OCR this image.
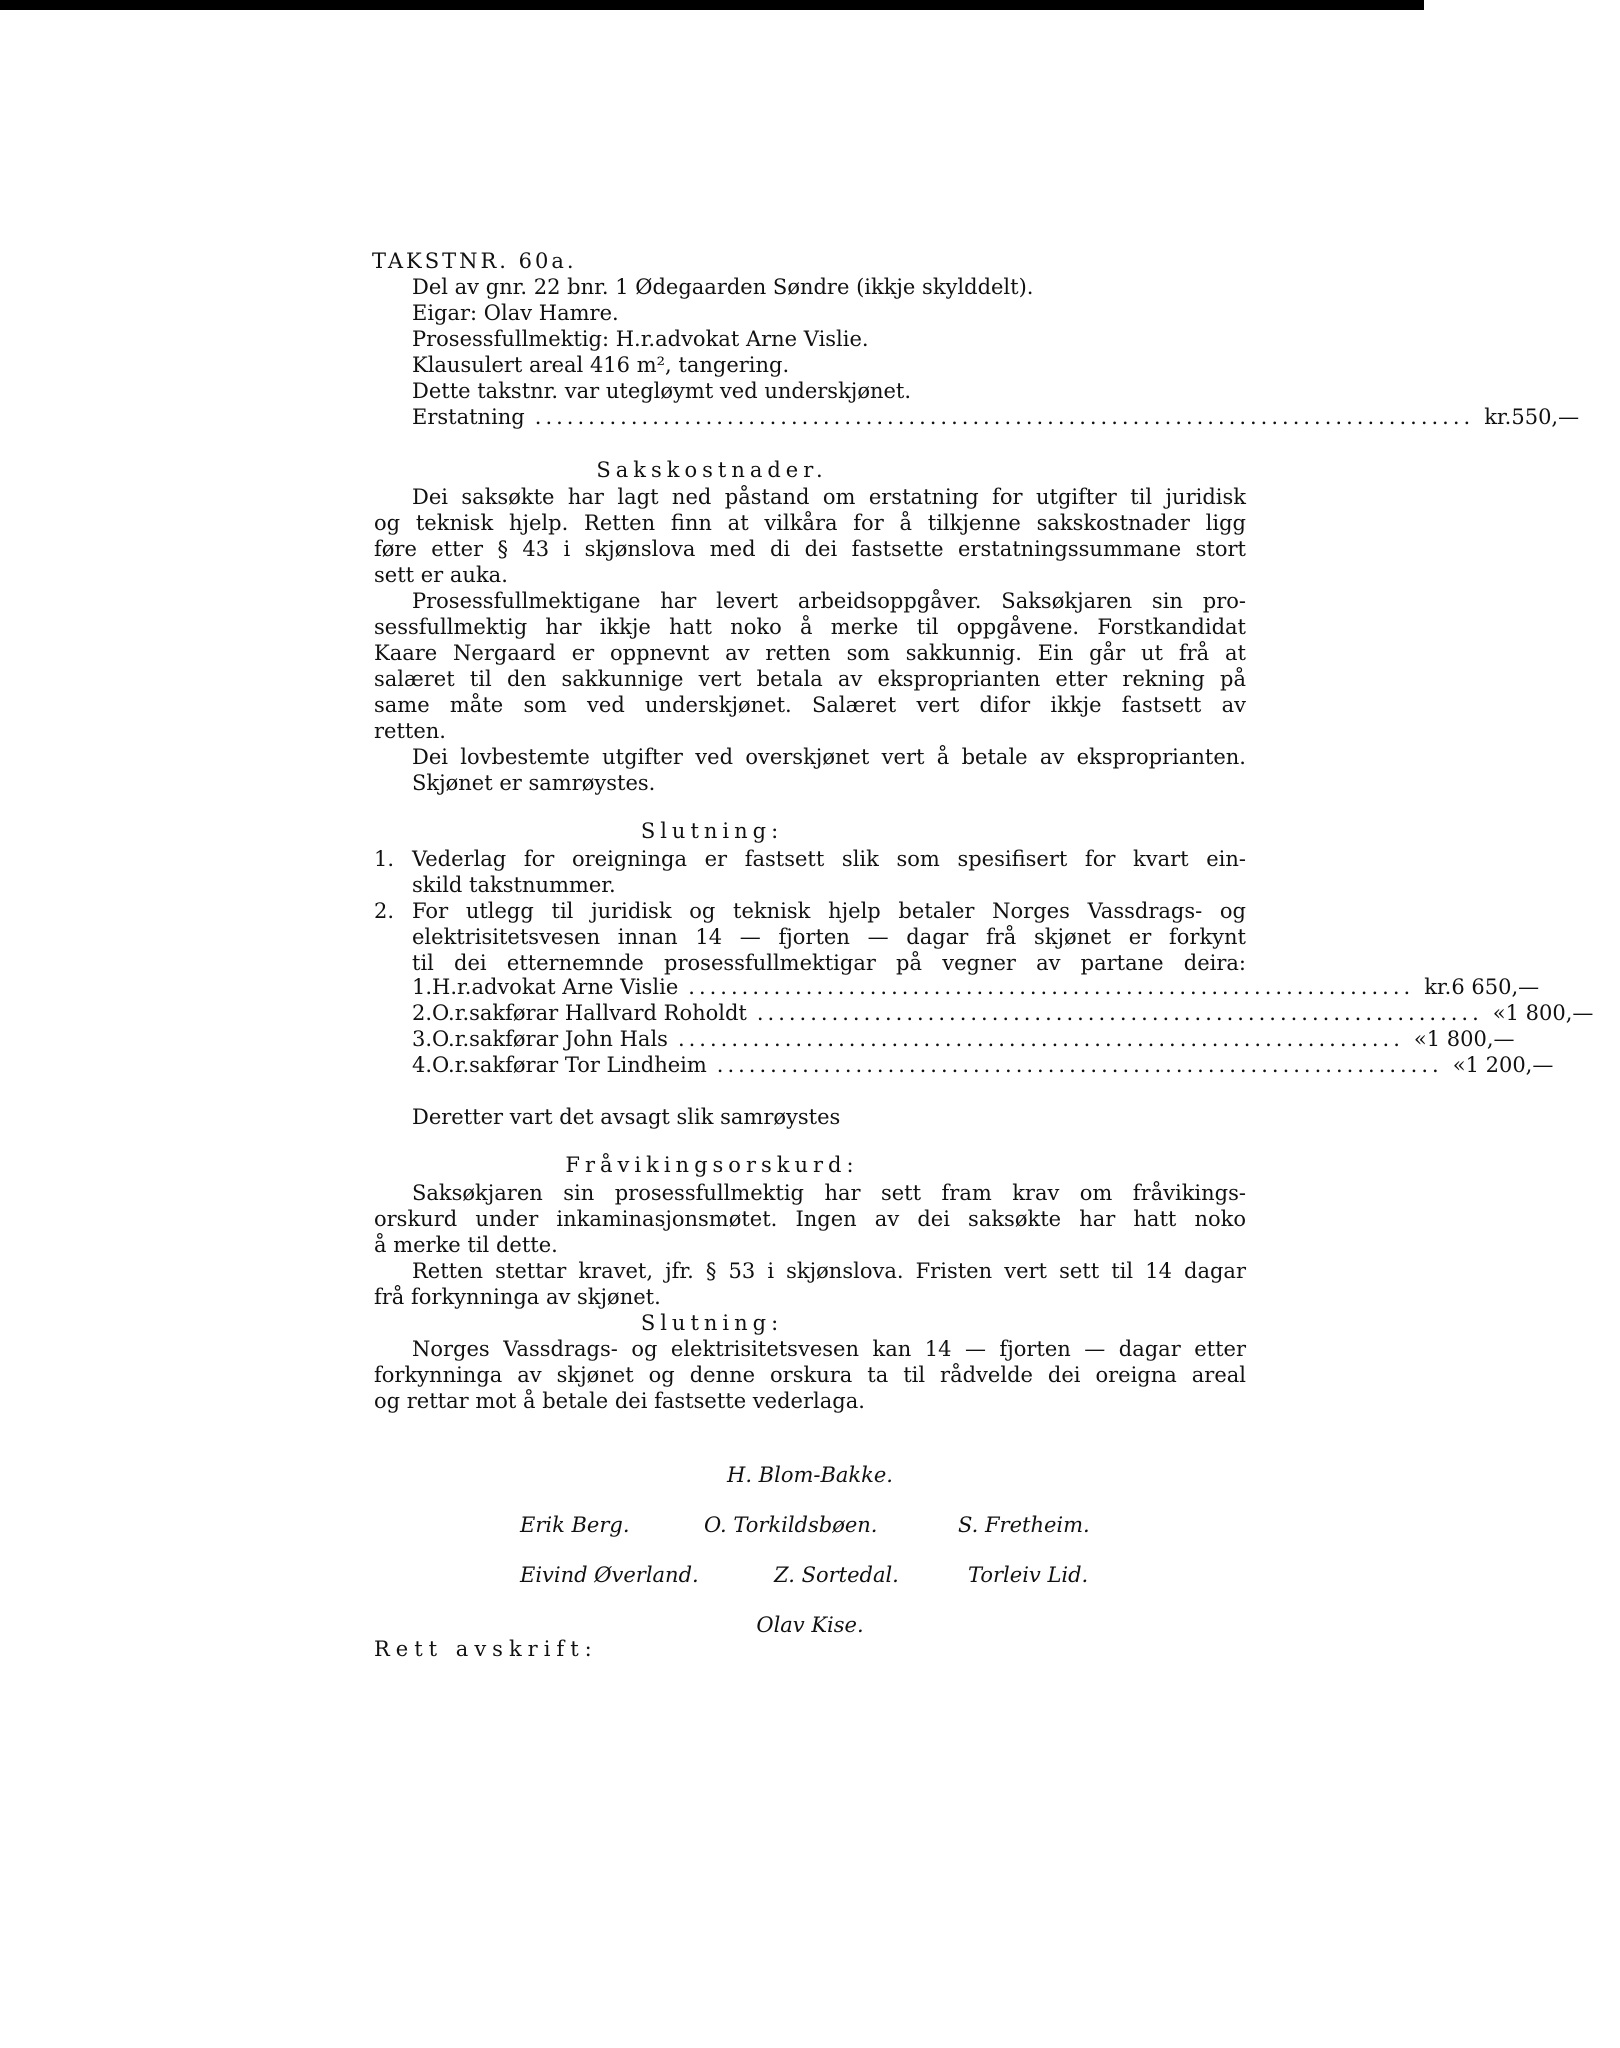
TAKSTNR. 60a.
Del av gnr. 22 bnr. 1 Ødegaarden Søndre (ikkje skylddelt).
Eigar: Olav Hamre.
Prosessfullmektig: H.r.advokat Arne Vislie.
Klausulert areal 416 m², tangering.
Dette takstnr. var utegløymt ved underskjønet.
Erstatning ........................................................................................ kr. 550,—
Sakskostnader.
Dei saksøkte har lagt ned påstand om erstatning for utgifter til juridisk
og teknisk hjelp. Retten finn at vilkåra for å tilkjenne sakskostnader ligg
føre etter § 43 i skjønslova med di dei fastsette erstatningssummane stort
sett er auka.
Prosessfullmektigane har levert arbeidsoppgåver. Saksøkjaren sin pro-
sessfullmektig har ikkje hatt noko å merke til oppgåvene. Forstkandidat
Kaare Nergaard er oppnevnt av retten som sakkunnig. Ein går ut frå at
salæret til den sakkunnige vert betala av eksproprianten etter rekning på
same måte som ved underskjønet. Salæret vert difor ikkje fastsett av
retten.
Dei lovbestemte utgifter ved overskjønet vert å betale av eksproprianten.
Skjønet er samrøystes.
Slutning:
1. Vederlag for oreigninga er fastsett slik som spesifisert for kvart ein-
skild takstnummer.
2. For utlegg til juridisk og teknisk hjelp betaler Norges Vassdrags- og
elektrisitetsvesen innan 14 — fjorten — dagar frå skjønet er forkynt
til dei etternemnde prosessfullmektigar på vegner av partane deira:
1. H.r.advokat Arne Vislie .................................................................... kr. 6 650,—
2. O.r.sakførar Hallvard Roholdt .................................................................... « 1 800,—
3. O.r.sakførar John Hals .................................................................... « 1 800,—
4. O.r.sakførar Tor Lindheim .................................................................... « 1 200,—
Deretter vart det avsagt slik samrøystes
Fråvikingsorskurd:
Saksøkjaren sin prosessfullmektig har sett fram krav om fråvikings-
orskurd under inkaminasjonsmøtet. Ingen av dei saksøkte har hatt noko
å merke til dette.
Retten stettar kravet, jfr. § 53 i skjønslova. Fristen vert sett til 14 dagar
frå forkynninga av skjønet.
Slutning:
Norges Vassdrags- og elektrisitetsvesen kan 14 — fjorten — dagar etter
forkynninga av skjønet og denne orskura ta til rådvelde dei oreigna areal
og rettar mot å betale dei fastsette vederlaga.
H. Blom-Bakke.
Erik Berg.	O. Torkildsbøen.	S. Fretheim.
Eivind Øverland.	Z. Sortedal.	Torleiv Lid.
Olav Kise.
Rett avskrift:
